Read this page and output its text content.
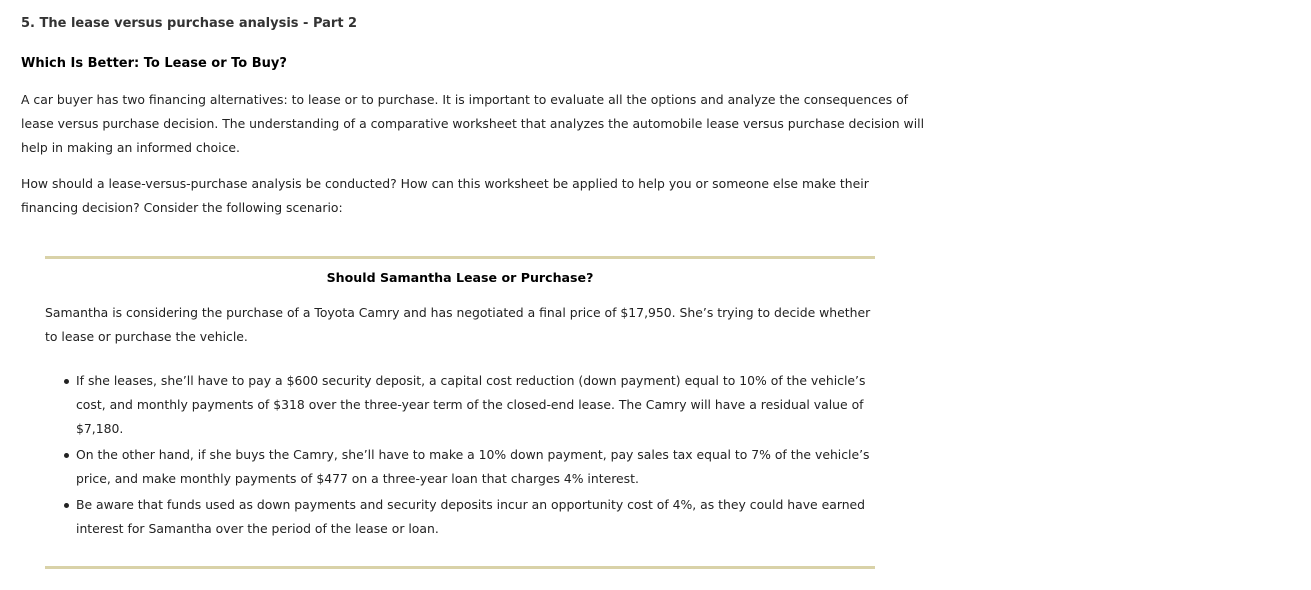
5. The lease versus purchase analysis - Part 2
Which Is Better: To Lease or To Buy?

A car buyer has two financing alternatives: to lease or to purchase. It is important to evaluate all the options and analyze the consequences of lease versus purchase decision. The understanding of a comparative worksheet that analyzes the automobile lease versus purchase decision will help in making an informed choice.

How should a lease-versus-purchase analysis be conducted? How can this worksheet be applied to help you or someone else make their financing decision? Consider the following scenario:

Should Samantha Lease or Purchase?

Samantha is considering the purchase of a Toyota Camry and has negotiated a final price of $17,950. She’s trying to decide whether to lease or purchase the vehicle.

If she leases, she’ll have to pay a $600 security deposit, a capital cost reduction (down payment) equal to 10% of the vehicle’s cost, and monthly payments of $318 over the three-year term of the closed-end lease. The Camry will have a residual value of $7,180.
On the other hand, if she buys the Camry, she’ll have to make a 10% down payment, pay sales tax equal to 7% of the vehicle’s price, and make monthly payments of $477 on a three-year loan that charges 4% interest.
Be aware that funds used as down payments and security deposits incur an opportunity cost of 4%, as they could have earned interest for Samantha over the period of the lease or loan.
